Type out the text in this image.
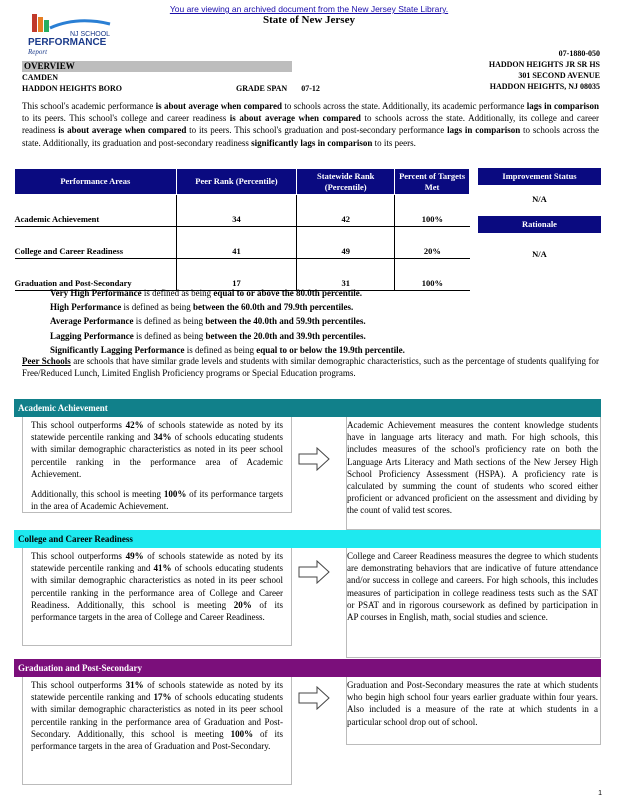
You are viewing an archived document from the New Jersey State Library.
State of New Jersey
NJ SCHOOL
PERFORMANCE
Report	07-1880-050
HADDON HEIGHTS JR SR HS
301 SECOND AVENUE
HADDON HEIGHTS, NJ 08035
OVERVIEW
CAMDEN
HADDON HEIGHTS BORO	GRADE SPAN 07-12
This school's academic performance is about average when compared to schools across the state. Additionally, its academic performance lags in comparison to its peers. This school's college and career readiness is about average when compared to schools across the state. Additionally, its college and career readiness is about average when compared to its peers. This school's graduation and post-secondary performance lags in comparison to schools across the state. Additionally, its graduation and post-secondary readiness significantly lags in comparison to its peers.
Performance Areas	Peer Rank (Percentile)	Statewide Rank (Percentile)	Percent of Targets Met
Academic Achievement	34	42	100%
College and Career Readiness	41	49	20%
Graduation and Post-Secondary	17	31	100%
Improvement Status
N/A
Rationale
N/A
Very High Performance is defined as being equal to or above the 80.0th percentile.
High Performance is defined as being between the 60.0th and 79.9th percentiles.
Average Performance is defined as being between the 40.0th and 59.9th percentiles.
Lagging Performance is defined as being between the 20.0th and 39.9th percentiles.
Significantly Lagging Performance is defined as being equal to or below the 19.9th percentile.
Peer Schools are schools that have similar grade levels and students with similar demographic characteristics, such as the percentage of students qualifying for Free/Reduced Lunch, Limited English Proficiency programs or Special Education programs.
Academic Achievement
This school outperforms 42% of schools statewide as noted by its statewide percentile ranking and 34% of schools educating students with similar demographic characteristics as noted in its peer school percentile ranking in the performance area of Academic Achievement.
Additionally, this school is meeting 100% of its performance targets in the area of Academic Achievement.
Academic Achievement measures the content knowledge students have in language arts literacy and math. For high schools, this includes measures of the school's proficiency rate on both the Language Arts Literacy and Math sections of the New Jersey High School Proficiency Assessment (HSPA). A proficiency rate is calculated by summing the count of students who scored either proficient or advanced proficient on the assessment and dividing by the count of valid test scores.
College and Career Readiness
This school outperforms 49% of schools statewide as noted by its statewide percentile ranking and 41% of schools educating students with similar demographic characteristics as noted in its peer school percentile ranking in the performance area of College and Career Readiness. Additionally, this school is meeting 20% of its performance targets in the area of College and Career Readiness.
College and Career Readiness measures the degree to which students are demonstrating behaviors that are indicative of future attendance and/or success in college and careers. For high schools, this includes measures of participation in college readiness tests such as the SAT or PSAT and in rigorous coursework as defined by participation in AP courses in English, math, social studies and science.
Graduation and Post-Secondary
This school outperforms 31% of schools statewide as noted by its statewide percentile ranking and 17% of schools educating students with similar demographic characteristics as noted in its peer school percentile ranking in the performance area of Graduation and Post-Secondary. Additionally, this school is meeting 100% of its performance targets in the area of Graduation and Post-Secondary.
Graduation and Post-Secondary measures the rate at which students who begin high school four years earlier graduate within four years. Also included is a measure of the rate at which students in a particular school drop out of school.
1
